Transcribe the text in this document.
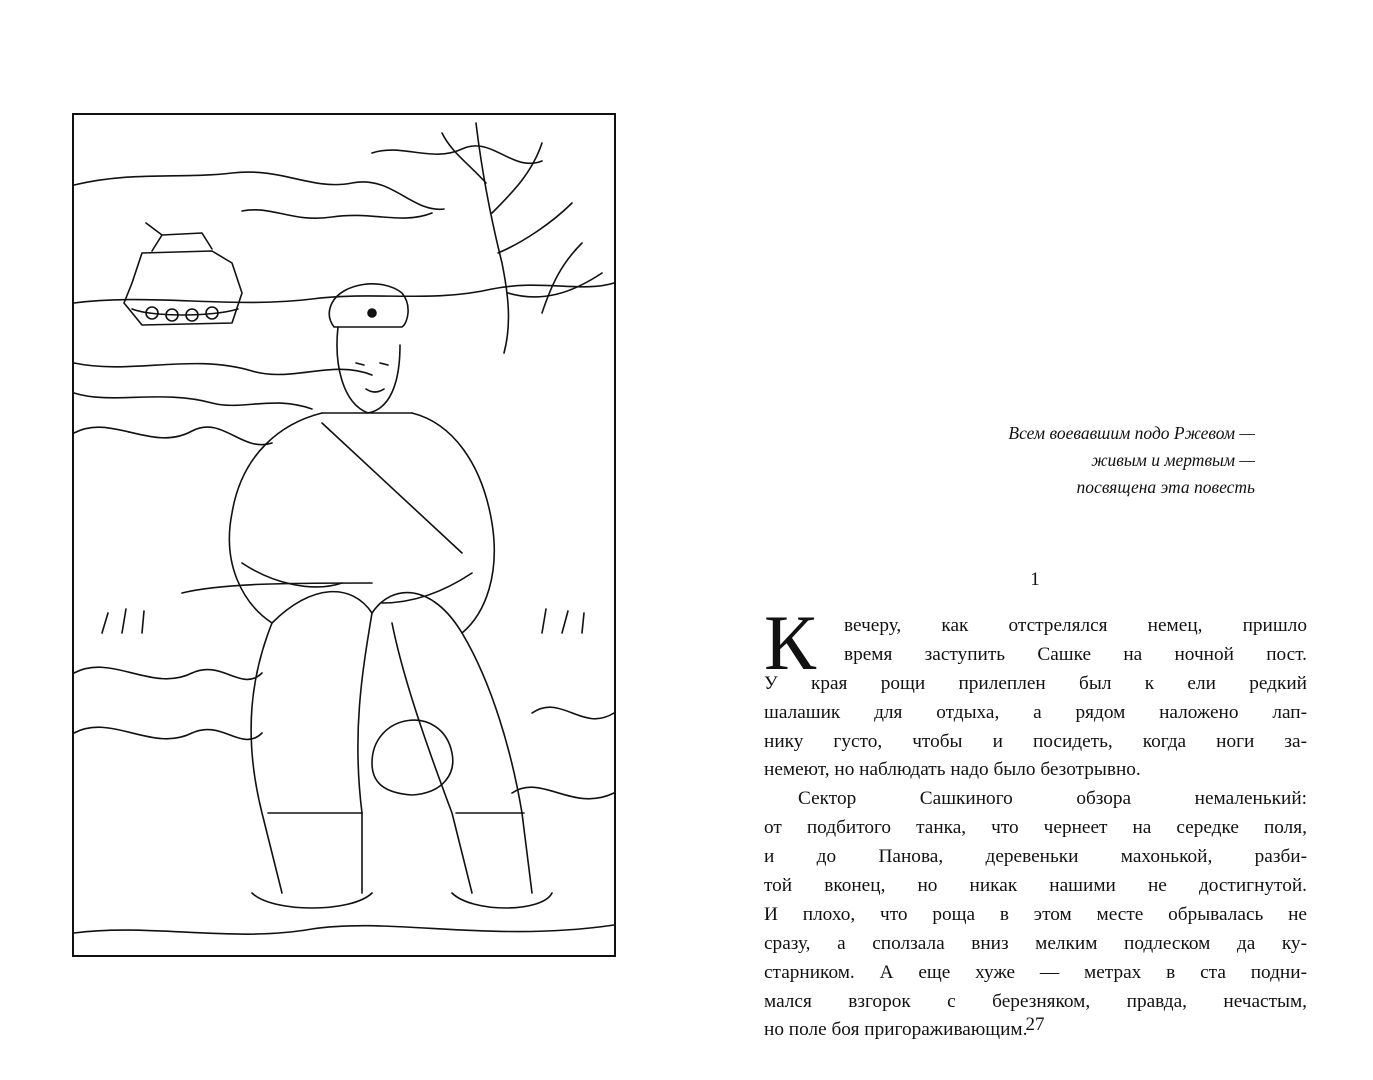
Всем воевавшим подо Ржевом —
живым и мертвым —
посвящена эта повесть
1
К вечеру, как отстрелялся немец, пришло
время заступить Сашке на ночной пост.
У края рощи прилеплен был к ели редкий
шалашик для отдыха, а рядом наложено лап-
нику густо, чтобы и посидеть, когда ноги за-
немеют, но наблюдать надо было безотрывно.
Сектор Сашкиного обзора немаленький:
от подбитого танка, что чернеет на середке поля,
и до Панова, деревеньки махонькой, разби-
той вконец, но никак нашими не достигнутой.
И плохо, что роща в этом месте обрывалась не
сразу, а сползала вниз мелким подлеском да ку-
старником. А еще хуже — метрах в ста подни-
мался взгорок с березняком, правда, нечастым,
но поле боя пригораживающим.
27
